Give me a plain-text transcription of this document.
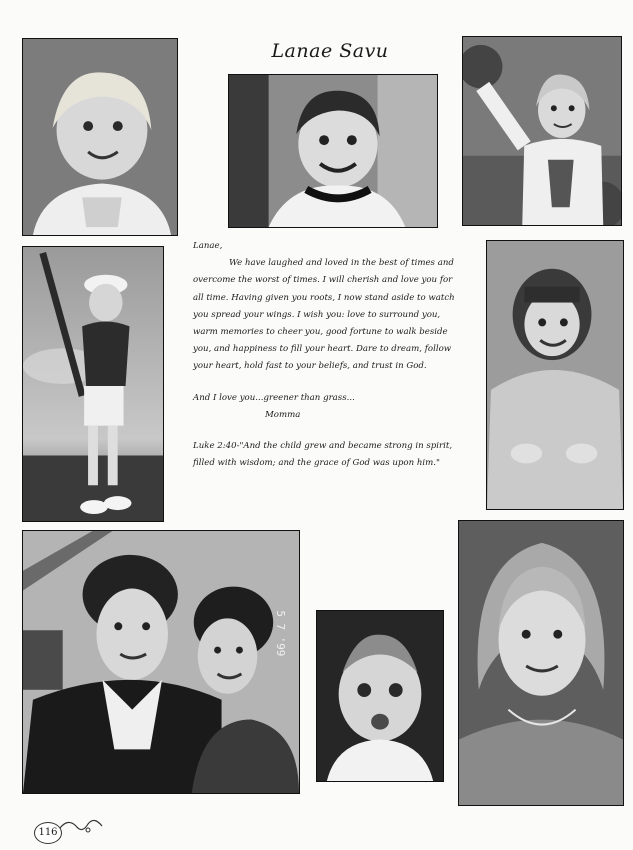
Lanae Savu

Lanae,

We have laughed and loved in the best of times and overcome the worst of times. I will cherish and love you for all time. Having given you roots, I now stand aside to watch you spread your wings. I wish you: love to surround you, warm memories to cheer you, good fortune to walk beside you, and happiness to fill your heart. Dare to dream, follow your heart, hold fast to your beliefs, and trust in God.

And I love you...greener than grass...

Momma

Luke 2:40-"And the child grew and became strong in spirit, filled with wisdom; and the grace of God was upon him."

5 7 '99
116
